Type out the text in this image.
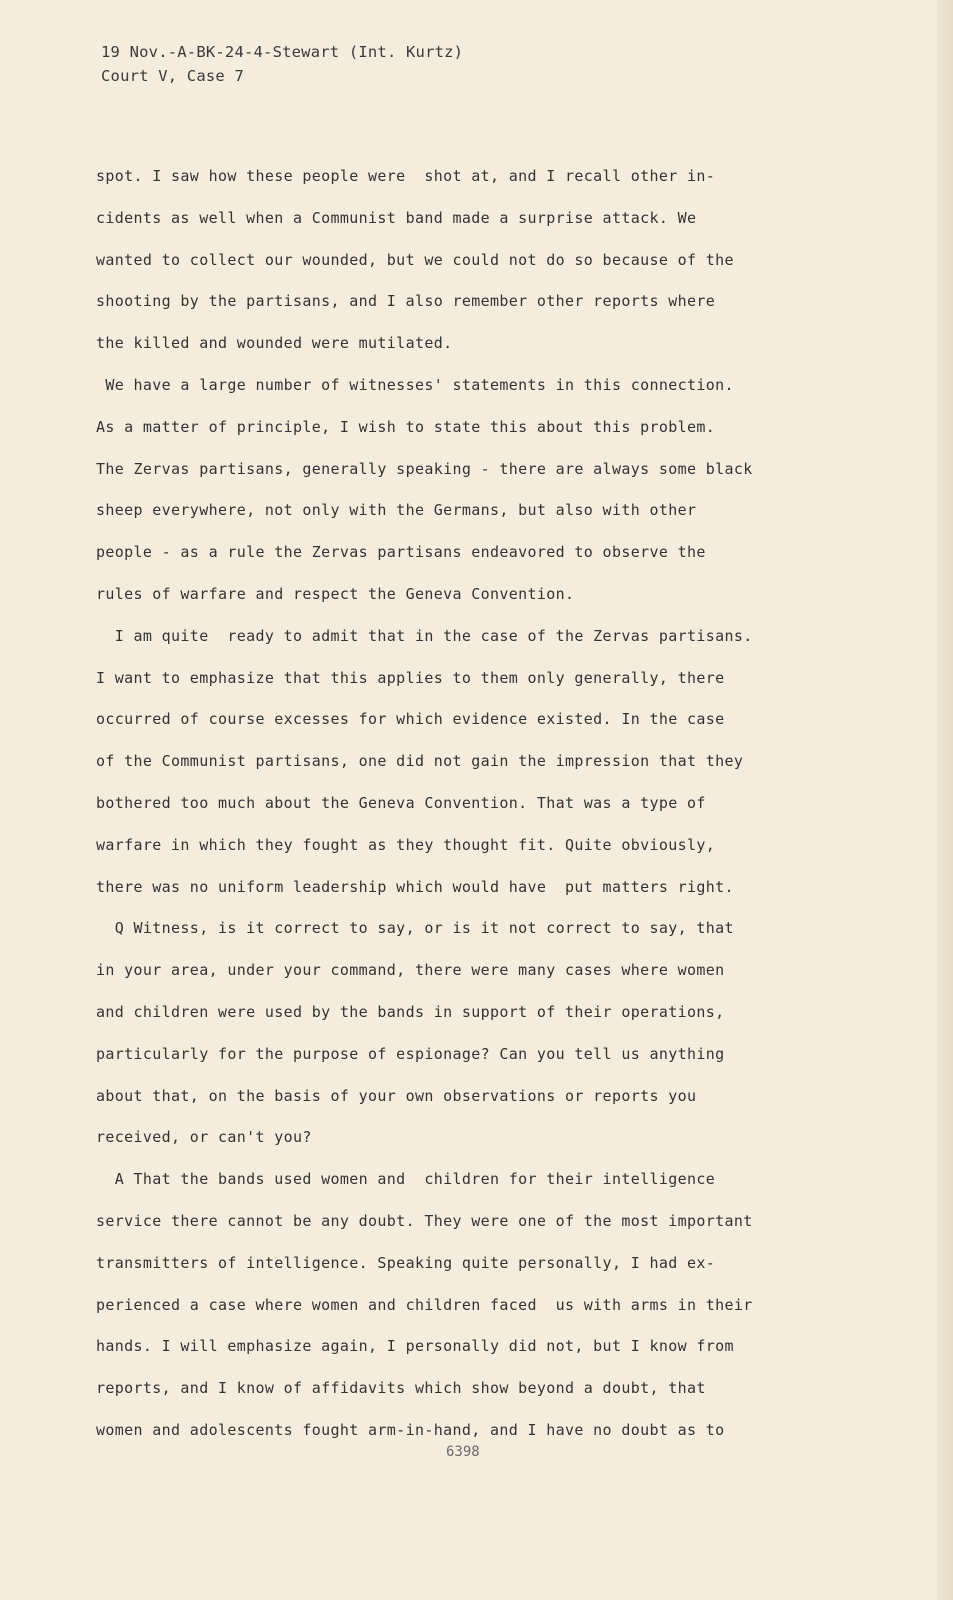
19 Nov.-A-BK-24-4-Stewart (Int. Kurtz)
Court V, Case 7
spot. I saw how these people were  shot at, and I recall other in-
cidents as well when a Communist band made a surprise attack. We
wanted to collect our wounded, but we could not do so because of the
shooting by the partisans, and I also remember other reports where
the killed and wounded were mutilated.
We have a large number of witnesses' statements in this connection.
As a matter of principle, I wish to state this about this problem.
The Zervas partisans, generally speaking - there are always some black
sheep everywhere, not only with the Germans, but also with other
people - as a rule the Zervas partisans endeavored to observe the
rules of warfare and respect the Geneva Convention.
I am quite  ready to admit that in the case of the Zervas partisans.
I want to emphasize that this applies to them only generally, there
occurred of course excesses for which evidence existed. In the case
of the Communist partisans, one did not gain the impression that they
bothered too much about the Geneva Convention. That was a type of
warfare in which they fought as they thought fit. Quite obviously,
there was no uniform leadership which would have  put matters right.
Q Witness, is it correct to say, or is it not correct to say, that
in your area, under your command, there were many cases where women
and children were used by the bands in support of their operations,
particularly for the purpose of espionage? Can you tell us anything
about that, on the basis of your own observations or reports you
received, or can't you?
A That the bands used women and  children for their intelligence
service there cannot be any doubt. They were one of the most important
transmitters of intelligence. Speaking quite personally, I had ex-
perienced a case where women and children faced  us with arms in their
hands. I will emphasize again, I personally did not, but I know from
reports, and I know of affidavits which show beyond a doubt, that
women and adolescents fought arm-in-hand, and I have no doubt as to
6398
